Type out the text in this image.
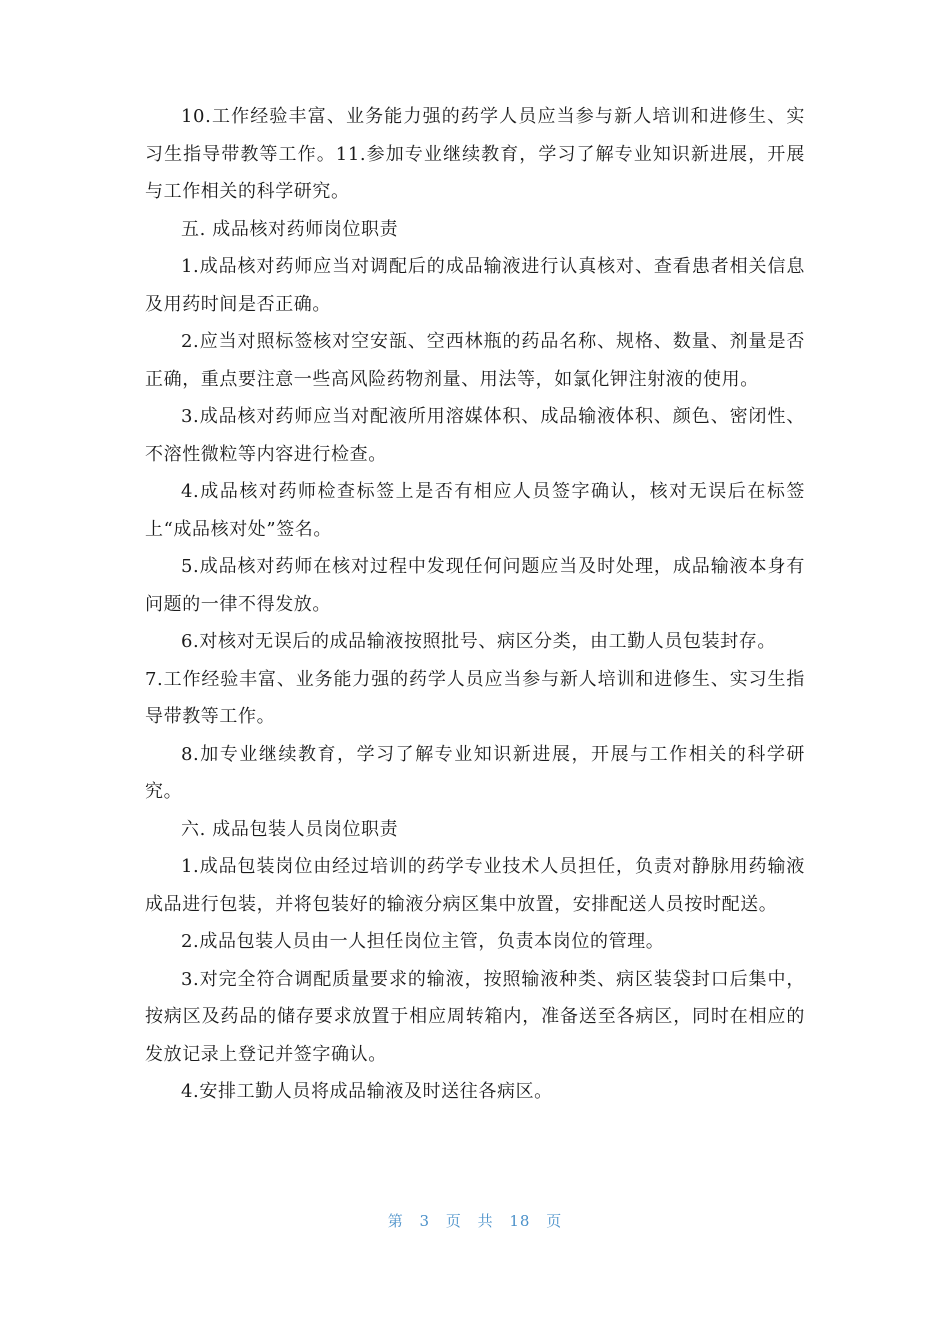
10.工作经验丰富、业务能力强的药学人员应当参与新人培训和进修生、实习生指导带教等工作。11.参加专业继续教育，学习了解专业知识新进展，开展与工作相关的科学研究。

五. 成品核对药师岗位职责

1.成品核对药师应当对调配后的成品输液进行认真核对、查看患者相关信息及用药时间是否正确。

2.应当对照标签核对空安瓿、空西林瓶的药品名称、规格、数量、剂量是否正确，重点要注意一些高风险药物剂量、用法等，如氯化钾注射液的使用。

3.成品核对药师应当对配液所用溶媒体积、成品输液体积、颜色、密闭性、不溶性微粒等内容进行检查。

4.成品核对药师检查标签上是否有相应人员签字确认，核对无误后在标签上“成品核对处”签名。

5.成品核对药师在核对过程中发现任何问题应当及时处理，成品输液本身有问题的一律不得发放。

6.对核对无误后的成品输液按照批号、病区分类，由工勤人员包装封存。

7.工作经验丰富、业务能力强的药学人员应当参与新人培训和进修生、实习生指导带教等工作。

8.加专业继续教育，学习了解专业知识新进展，开展与工作相关的科学研究。

六. 成品包装人员岗位职责

1.成品包装岗位由经过培训的药学专业技术人员担任，负责对静脉用药输液成品进行包装，并将包装好的输液分病区集中放置，安排配送人员按时配送。

2.成品包装人员由一人担任岗位主管，负责本岗位的管理。

3.对完全符合调配质量要求的输液，按照输液种类、病区装袋封口后集中，按病区及药品的储存要求放置于相应周转箱内，准备送至各病区，同时在相应的发放记录上登记并签字确认。

4.安排工勤人员将成品输液及时送往各病区。

第 3 页 共 18 页
